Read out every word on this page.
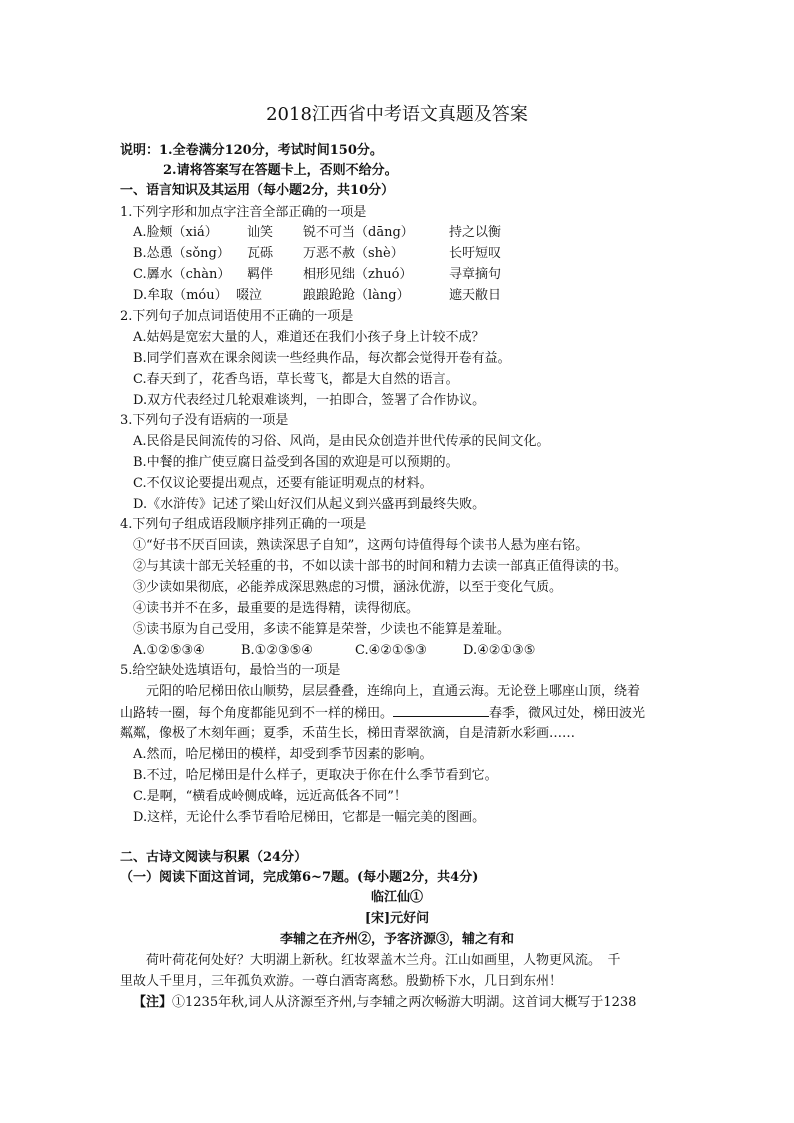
2018江西省中考语文真题及答案
说明：1.全卷满分120分，考试时间150分。
2.请将答案写在答题卡上，否则不给分。
一、语言知识及其运用（每小题2分，共10分）
1.下列字形和加点字注音全部正确的一项是
A.脸颊（xiá） 讪笑 锐不可当（dāng）	持之以衡
B.怂恿（sǒng） 瓦砾 万恶不赦（shè）	长吁短叹
C.羼水（chàn） 羁伴 相形见绌（zhuó）	寻章摘句
D.牟取（móu） 啜泣	踉踉跄跄（làng）	遮天敝日
2.下列句子加点词语使用不正确的一项是
A.姑妈是宽宏大量的人，难道还在我们小孩子身上计较不成？
B.同学们喜欢在课余阅读一些经典作品，每次都会觉得开卷有益。
C.春天到了，花香鸟语，草长莺飞，都是大自然的语言。
D.双方代表经过几轮艰难谈判，一拍即合，签署了合作协议。
3.下列句子没有语病的一项是
A.民俗是民间流传的习俗、风尚，是由民众创造并世代传承的民间文化。
B.中餐的推广使豆腐日益受到各国的欢迎是可以预期的。
C.不仅议论要提出观点，还要有能证明观点的材料。
D.《水浒传》记述了梁山好汉们从起义到兴盛再到最终失败。
4.下列句子组成语段顺序排列正确的一项是
①“好书不厌百回读，熟读深思子自知”，这两句诗值得每个读书人悬为座右铭。
②与其读十部无关轻重的书，不如以读十部书的时间和精力去读一部真正值得读的书。
③少读如果彻底，必能养成深思熟虑的习惯，涵泳优游，以至于变化气质。
④读书并不在多，最重要的是选得精，读得彻底。
⑤读书原为自己受用，多读不能算是荣誉，少读也不能算是羞耻。
A.①②⑤③④	B.①②③⑤④	C.④②①⑤③	D.④②①③⑤
5.给空缺处选填语句，最恰当的一项是
元阳的哈尼梯田依山顺势，层层叠叠，连绵向上，直通云海。无论登上哪座山顶，绕着
山路转一圈，每个角度都能见到不一样的梯田。	春季，微风过处，梯田波光
粼粼，像极了木刻年画；夏季，禾苗生长，梯田青翠欲滴，自是清新水彩画……
A.然而，哈尼梯田的模样，却受到季节因素的影响。
B.不过，哈尼梯田是什么样子，更取决于你在什么季节看到它。
C.是啊，“横看成岭侧成峰，远近高低各不同”！
D.这样，无论什么季节看哈尼梯田，它都是一幅完美的图画。
二、古诗文阅读与积累（24分）
（一）阅读下面这首词，完成第6~7题。(每小题2分，共4分)
临江仙①
[宋]元好问
李辅之在齐州②，予客济源③，辅之有和
荷叶荷花何处好？大明湖上新秋。红妆翠盖木兰舟。江山如画里，人物更风流。　千
里故人千里月，三年孤负欢游。一尊白酒寄离愁。殷勤桥下水，几日到东州！
【注】①1235年秋,词人从济源至齐州,与李辅之两次畅游大明湖。这首词大概写于1238
